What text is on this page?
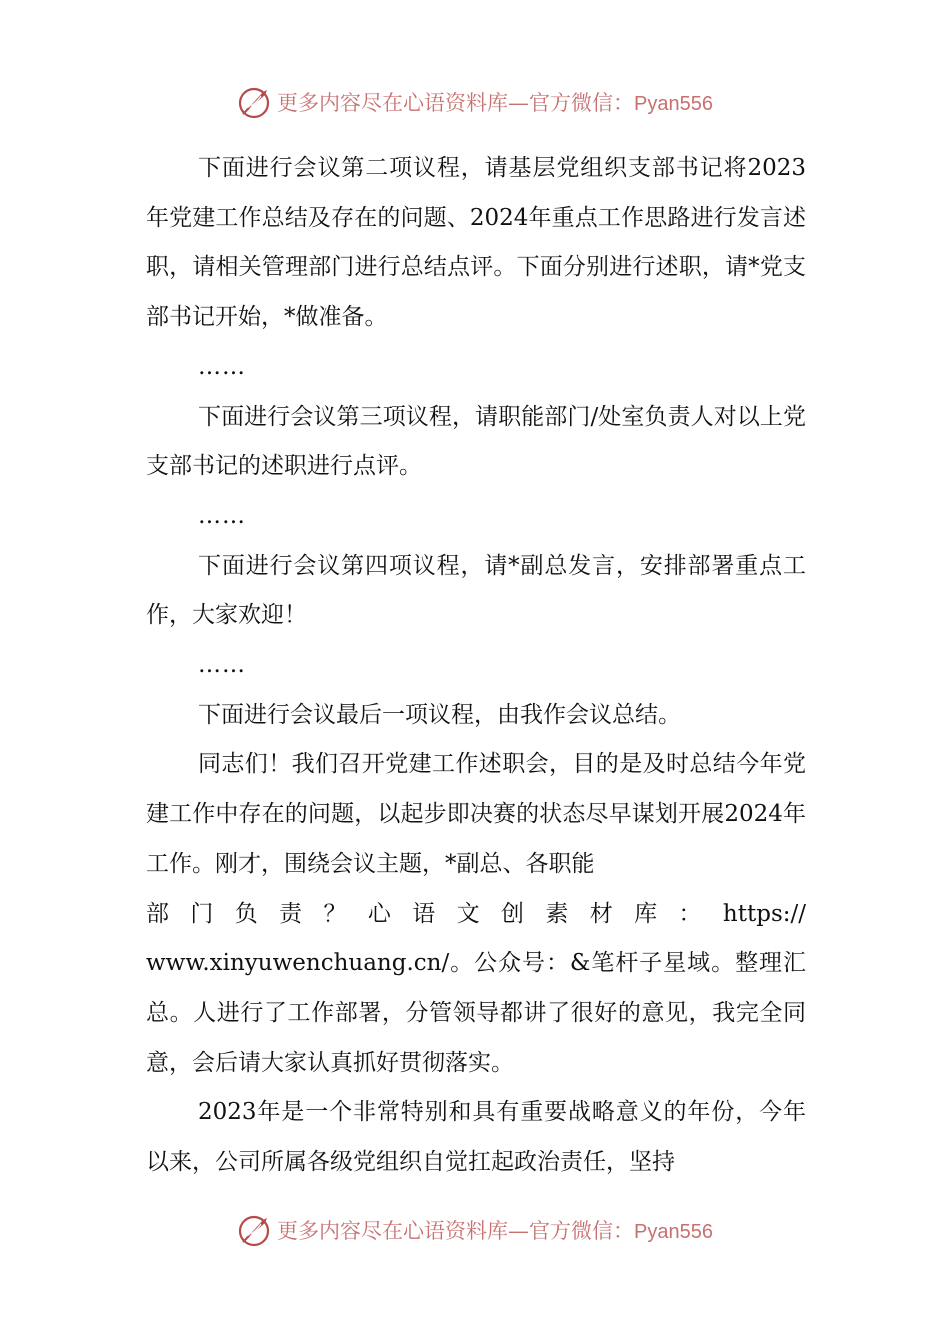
更多内容尽在心语资料库—官方微信：Pyan556

下面进行会议第二项议程，请基层党组织支部书记将2023年党建工作总结及存在的问题、2024年重点工作思路进行发言述职，请相关管理部门进行总结点评。下面分别进行述职，请*党支部书记开始，*做准备。

……

下面进行会议第三项议程，请职能部门/处室负责人对以上党支部书记的述职进行点评。

……

下面进行会议第四项议程，请*副总发言，安排部署重点工作，大家欢迎！

……

下面进行会议最后一项议程，由我作会议总结。

同志们！我们召开党建工作述职会，目的是及时总结今年党建工作中存在的问题，以起步即决赛的状态尽早谋划开展2024年工作。刚才，围绕会议主题，*副总、各职能

部门负责？心语文创素材库：https://

www.xinyuwenchuang.cn/。公众号：&笔杆子星域。整理汇总。人进行了工作部署，分管领导都讲了很好的意见，我完全同意，会后请大家认真抓好贯彻落实。

2023年是一个非常特别和具有重要战略意义的年份，今年以来，公司所属各级党组织自觉扛起政治责任，坚持

更多内容尽在心语资料库—官方微信：Pyan556
